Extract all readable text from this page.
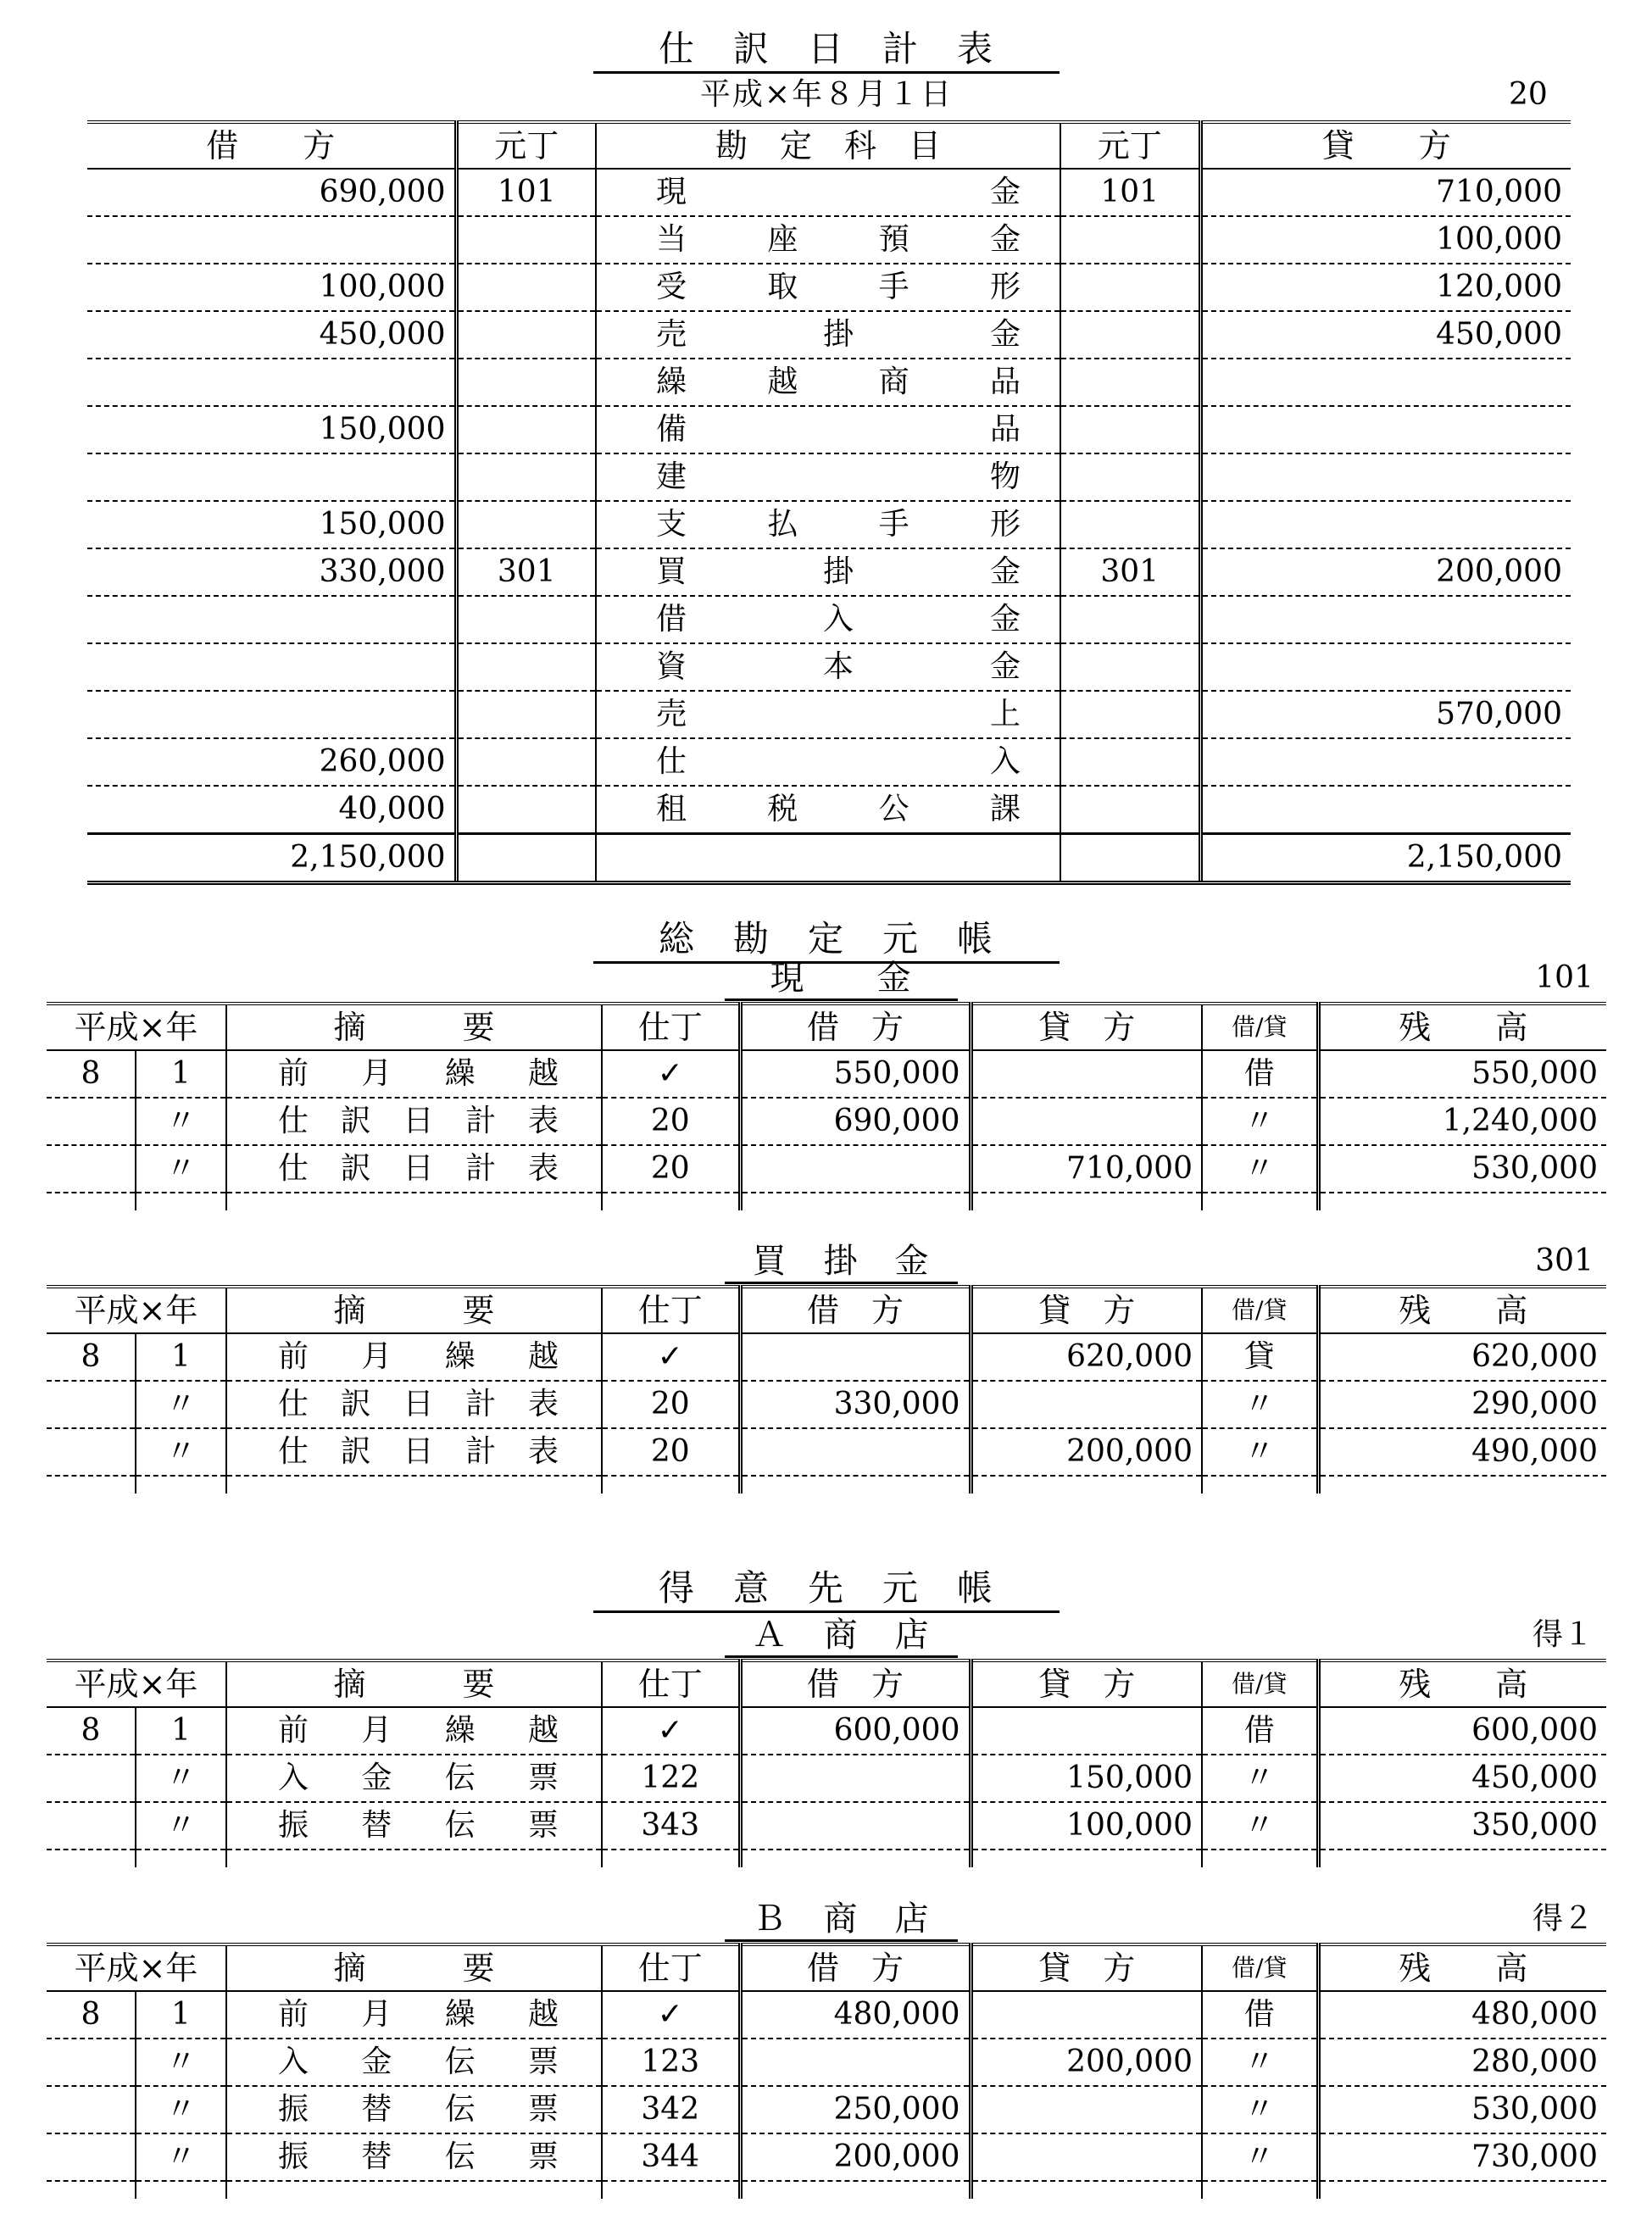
仕　訳　日　計　表
平成×年８月１日	20
借　　方	元丁	勘　定　科　目	元丁	貸　　方

690,000	101	現 金	101	710,000

		当 座 預 金		100,000
100,000		受 取 手 形		120,000
450,000		売 掛 金		450,000

		繰 越 商 品		

150,000		備 品		

		建 物		

150,000		支 払 手 形		

330,000	301	買 掛 金	301	200,000

		借 入 金		

		資 本 金		

		売 上		570,000
260,000		仕 入		

40,000		租 税 公 課		

2,150,000				2,150,000
総　勘　定　元　帳
現　　金	101
平成×年		摘　　　要	仕丁	借　方	貸　方	借/貸	残　　高
8	1	前 月 繰 越	✓	550,000		借	550,000
	〃	仕 訳 日 計 表	20	690,000		〃	1,240,000
	〃	仕 訳 日 計 表	20		710,000	〃	530,000

買　掛　金	301
平成×年		摘　　　要	仕丁	借　方	貸　方	借/貸	残　　高
8	1	前 月 繰 越	✓		620,000	貸	620,000
	〃	仕 訳 日 計 表	20	330,000		〃	290,000
	〃	仕 訳 日 計 表	20		200,000	〃	490,000

Ａ　商　店	得１
平成×年		摘　　　要	仕丁	借　方	貸　方	借/貸	残　　高
8	1	前 月 繰 越	✓	600,000		借	600,000
	〃	入 金 伝 票	122		150,000	〃	450,000
	〃	振 替 伝 票	343		100,000	〃	350,000

Ｂ　商　店	得２
平成×年		摘　　　要	仕丁	借　方	貸　方	借/貸	残　　高
8	1	前 月 繰 越	✓	480,000		借	480,000
	〃	入 金 伝 票	123		200,000	〃	280,000
	〃	振 替 伝 票	342	250,000		〃	530,000
	〃	振 替 伝 票	344	200,000		〃	730,000

得　意　先　元　帳
